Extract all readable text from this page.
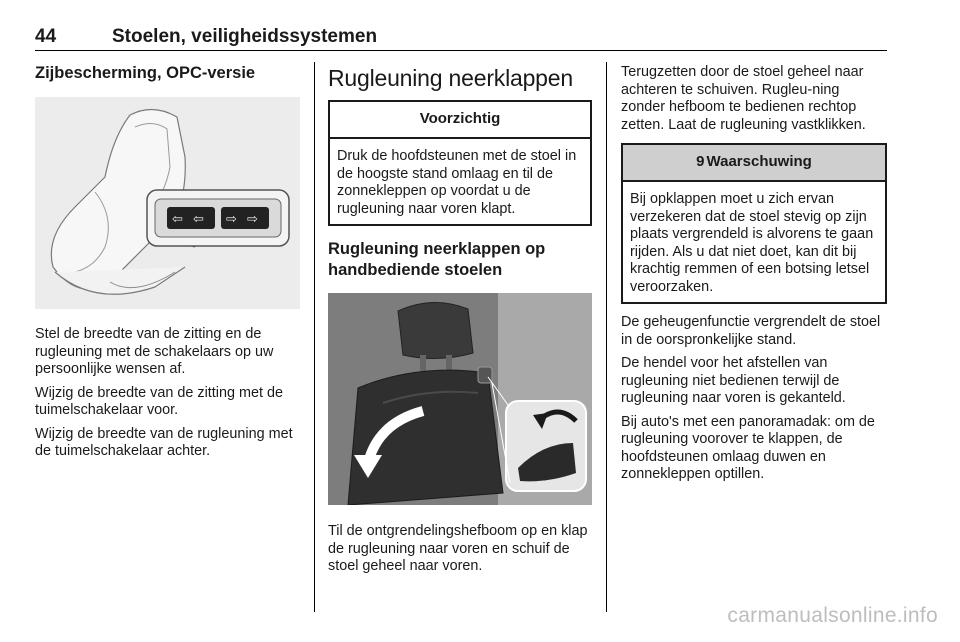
44	Stoelen, veiligheidssystemen
Zijbescherming, OPC-versie
⇦ ⇦ ⇨ ⇨

Stel de breedte van de zitting en de rugleuning met de schakelaars op uw persoonlijke wensen af.

Wijzig de breedte van de zitting met de tuimelschakelaar voor.

Wijzig de breedte van de rugleuning met de tuimelschakelaar achter.

Rugleuning neerklappen
Voorzichtig
Druk de hoofdsteunen met de stoel in de hoogste stand omlaag en til de zonnekleppen op voordat u de rugleuning naar voren klapt.
Rugleuning neerklappen op handbediende stoelen

Til de ontgrendelingshefboom op en klap de rugleuning naar voren en schuif de stoel geheel naar voren.

Terugzetten door de stoel geheel naar achteren te schuiven. Rugleu-ning zonder hefboom te bedienen rechtop zetten. Laat de rugleuning vastklikken.

9 Waarschuwing
Bij opklappen moet u zich ervan verzekeren dat de stoel stevig op zijn plaats vergrendeld is alvorens te gaan rijden. Als u dat niet doet, kan dit bij krachtig remmen of een botsing letsel veroorzaken.

De geheugenfunctie vergrendelt de stoel in de oorspronkelijke stand.

De hendel voor het afstellen van rugleuning niet bedienen terwijl de rugleuning naar voren is gekanteld.

Bij auto's met een panoramadak: om de rugleuning voorover te klappen, de hoofdsteunen omlaag duwen en zonnekleppen optillen.

carmanualsonline.info
